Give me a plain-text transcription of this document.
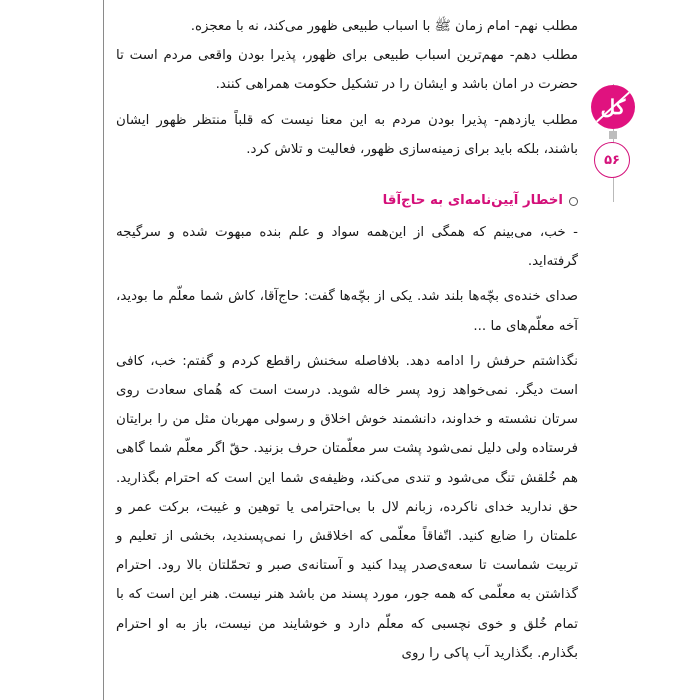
مطلب نهم- امام زمان ﷺ با اسباب طبیعی ظهور می‌کند، نه با معجزه.

مطلب دهم- مهم‌ترین اسباب طبیعی برای ظهور، پذیرا بودن واقعی مردم است تا حضرت در امان باشد و ایشان را در تشکیل حکومت همراهی کنند.

مطلب یازدهم- پذیرا بودن مردم به این معنا نیست که قلباً منتظر ظهور ایشان باشند، بلکه باید برای زمینه‌سازی ظهور، فعالیت و تلاش کرد.

اخطار آیین‌نامه‌ای به حاج‌آقا

- خب، می‌بینم که همگی از این‌همه سواد و علم بنده مبهوت شده و سرگیجه گرفته‌اید.

صدای خنده‌ی بچّه‌ها بلند شد. یکی از بچّه‌ها گفت: حاج‌آقا، کاش شما معلّم ما بودید، آخه معلّم‌های ما ...

نگذاشتم حرفش را ادامه دهد. بلافاصله سخنش راقطع کردم و گفتم: خب، کافی است دیگر. نمی‌خواهد زود پسر خاله شوید. درست است که هُمای سعادت روی سرتان نشسته و خداوند، دانشمند خوش اخلاق و رسولی مهربان مثل من را برایتان فرستاده ولی دلیل نمی‌شود پشت سر معلّمتان حرف بزنید. حقّ اگر معلّم شما گاهی هم خُلقش تنگ می‌شود و تندی می‌کند، وظیفه‌ی شما این است که احترام بگذارید. حق ندارید خدای ناکرده، زبانم لال با بی‌احترامی یا توهین و غیبت، برکت عمر و علمتان را ضایع کنید. اتّفاقاً معلّمی که اخلاقش را نمی‌پسندید، بخشی از تعلیم و تربیت شماست تا سعه‌ی‌صدر پیدا کنید و آستانه‌ی صبر و تحمّلتان بالا رود. احترام گذاشتن به معلّمی که همه جور، مورد پسند من باشد هنر نیست. هنر این است که با تمام خُلق و خوی نچسبی که معلّم دارد و خوشایند من نیست، باز به او احترام بگذارم. بگذارید آب پاکی را روی

کل
۵۶
